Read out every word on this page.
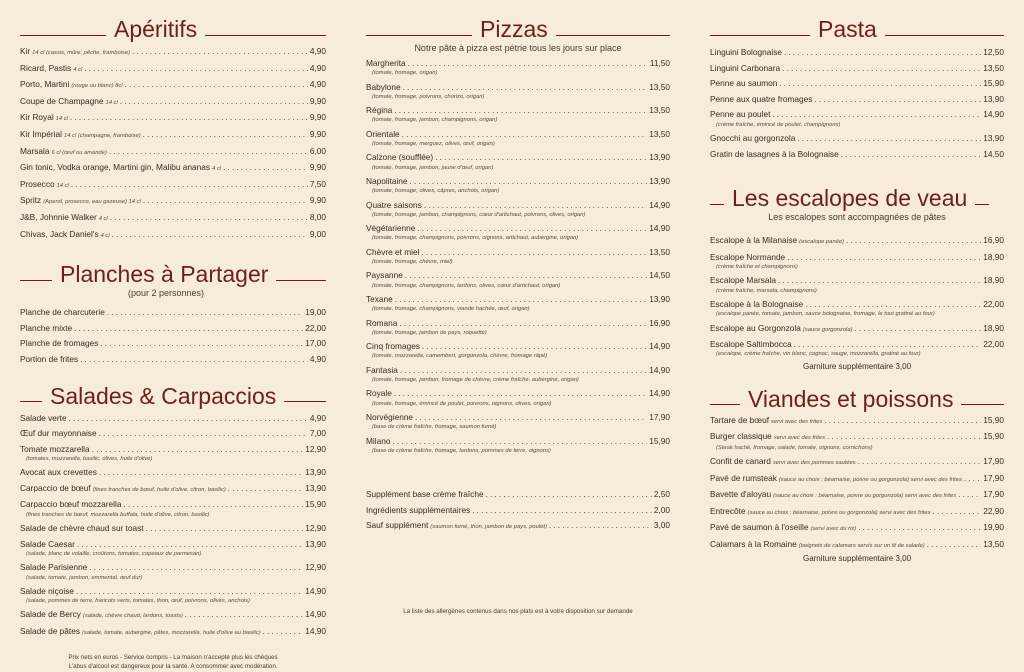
Apéritifs
Kir 14 cl (cassis, mûre, pêche, framboise) . . .	4,90
Ricard, Pastis 4 cl . . .	4,90
Porto, Martini (rouge ou blanc) 8cl . . .	4,90
Coupe de Champagne 14 cl . . .	9,90
Kir Royal 14 cl . . .	9,90
Kir Impérial 14 cl (champagne, framboise) . . .	9,90
Marsala 6 cl (œuf ou amande) . . .	6,00
Gin tonic, Vodka orange, Martini gin, Malibu ananas 4 cl . . .	9,90
Prosecco 14 cl . . .	7,50
Spritz (Aperol, prosecco, eau gazeuse) 14 cl . . .	9,90
J&B, Johnnie Walker 4 cl . . .	8,00
Chivas, Jack Daniel's 4 cl . . .	9,00
Planches à Partager
(pour 2 personnes)
Planche de charcuterie . . .	19,00
Planche mixte . . .	22,00
Planche de fromages . . .	17,00
Portion de frites . . .	4,90
Salades & Carpaccios
Salade verte . . .	4,90
Œuf dur mayonnaise . . .	7,00
Tomate mozzarella . . .	12,90
(tomates, mozzarella, basilic, olives, huile d'olive)
Avocat aux crevettes . . .	13,90
Carpaccio de bœuf (fines tranches de bœuf, huile d'olive, citron, basilic) . . .	13,90
Carpaccio bœuf mozzarella . . .	15,90
(fines tranches de bœuf, mozzarella buffala, huile d'olive, citron, basilic)
Salade de chèvre chaud sur toast . . .	12,90
Salade Caesar . . .	13,90
(salade, blanc de volaille, croûtons, tomates, copeaux de parmesan)
Salade Parisienne . . .	12,90
(salade, tomate, jambon, emmental, œuf dur)
Salade niçoise . . .	14,90
(salade, pommes de terre, haricots verts, tomates, thon, œuf, poivrons, olives, anchois)
Salade de Bercy (salade, chèvre chaud, lardons, toasts) . . .	14,90
Salade de pâtes (salade, tomate, aubergine, pâtes, mozzarella, huile d'olive au basilic) . . .	14,90
Prix nets en euros - Service compris - La maison n'accepte plus les chèques
L'abus d'alcool est dangereux pour la santé. A consommer avec modération.
Pizzas
Notre pâte à pizza est pétrie tous les jours sur place
Margherita . . .	11,50
(tomate, fromage, origan)
Babylone . . .	13,50
(tomate, fromage, poivrons, chorizo, origan)
Régina . . .	13,50
(tomate, fromage, jambon, champignons, origan)
Orientale . . .	13,50
(tomate, fromage, merguez, olives, œuf, origan)
Calzone (soufflée) . . .	13,90
(tomate, fromage, jambon, jaune d'œuf, origan)
Napolitaine . . .	13,90
(tomate, fromage, olives, câpres, anchois, origan)
Quatre saisons . . .	14,90
(tomate, fromage, jambon, champignons, cœur d'artichaut, poivrons, olives, origan)
Végétarienne . . .	14,90
(tomate, fromage, champignons, poivrons, oignons, artichaut, aubergine, origan)
Chèvre et miel . . .	13,50
(tomate, fromage, chèvre, miel)
Paysanne . . .	14,50
(tomate, fromage, champignons, lardons, olives, cœur d'artichaut, origan)
Texane . . .	13,90
(tomate, fromage, champignons, viande hachée, œuf, origan)
Romana . . .	16,90
(tomate, fromage, jambon de pays, roquette)
Cinq fromages . . .	14,90
(tomate, mozzarella, camembert, gorgonzola, chèvre, fromage râpé)
Fantasia . . .	14,90
(tomate, fromage, jambon, fromage de chèvre, crème fraîche, aubergine, origan)
Royale . . .	14,90
(tomate, fromage, émincé de poulet, poivrons, oignons, olives, origan)
Norvégienne . . .	17,90
(base de crème fraîche, fromage, saumon fumé)
Milano . . .	15,90
(base de crème fraîche, fromage, lardons, pommes de terre, oignons)
Supplément base crème fraîche . . .	2,50
Ingrédients supplémentaires . . .	2,00
Sauf supplément (saumon fumé, thon, jambon de pays, poulet) . . .	3,00
La liste des allergènes contenus dans nos plats est à votre disposition sur demande
Pasta
Linguini Bolognaise . . .	12,50
Linguini Carbonara . . .	13,50
Penne au saumon . . .	15,90
Penne aux quatre fromages . . .	13,90
Penne au poulet . . .	14,90
(crème fraîche, émincé de poulet, champignons)
Gnocchi au gorgonzola . . .	13,90
Gratin de lasagnes à la Bolognaise . . .	14,50
Les escalopes de veau
Les escalopes sont accompagnées de pâtes
Escalope à la Milanaise (escalope panée) . . .	16,90
Escalope Normande . . .	18,90
(crème fraîche et champignons)
Escalope Marsala . . .	18,90
(crème fraîche, marsala, champignons)
Escalope à la Bolognaise . . .	22,00
(escalope panée, tomate, jambon, sauce bolognaise, fromage, le tout gratiné au four)
Escalope au Gorgonzola (sauce gorgonzola) . . .	18,90
Escalope Saltimbocca . . .	22,00
(escalope, crème fraîche, vin blanc, cognac, sauge, mozzarella, gratiné au four)
Garniture supplémentaire 3,00
Viandes et poissons
Tartare de bœuf servi avec des frites . . .	15,90
Burger classique servi avec des frites . . .	15,90
(Steak haché, fromage, salade, tomate, oignons, cornichons)
Confit de canard servi avec des pommes sautées . . .	17,90
Pavé de rumsteak (sauce au choix : béarnaise, poivre ou gorgonzola) servi avec des frites . . .	17,90
Bavette d'aloyau (sauce au choix : béarnaise, poivre ou gorgonzola) servi avec des frites . . .	17,90
Entrecôte (sauce au choix : béarnaise, poivre ou gorgonzola) servi avec des frites . . .	22,90
Pavé de saumon à l'oseille (servi avec du riz) . . .	19,90
Calamars à la Romaine (beignets de calamars servis sur un lit de salade) . . .	13,50
Garniture supplémentaire 3,00
